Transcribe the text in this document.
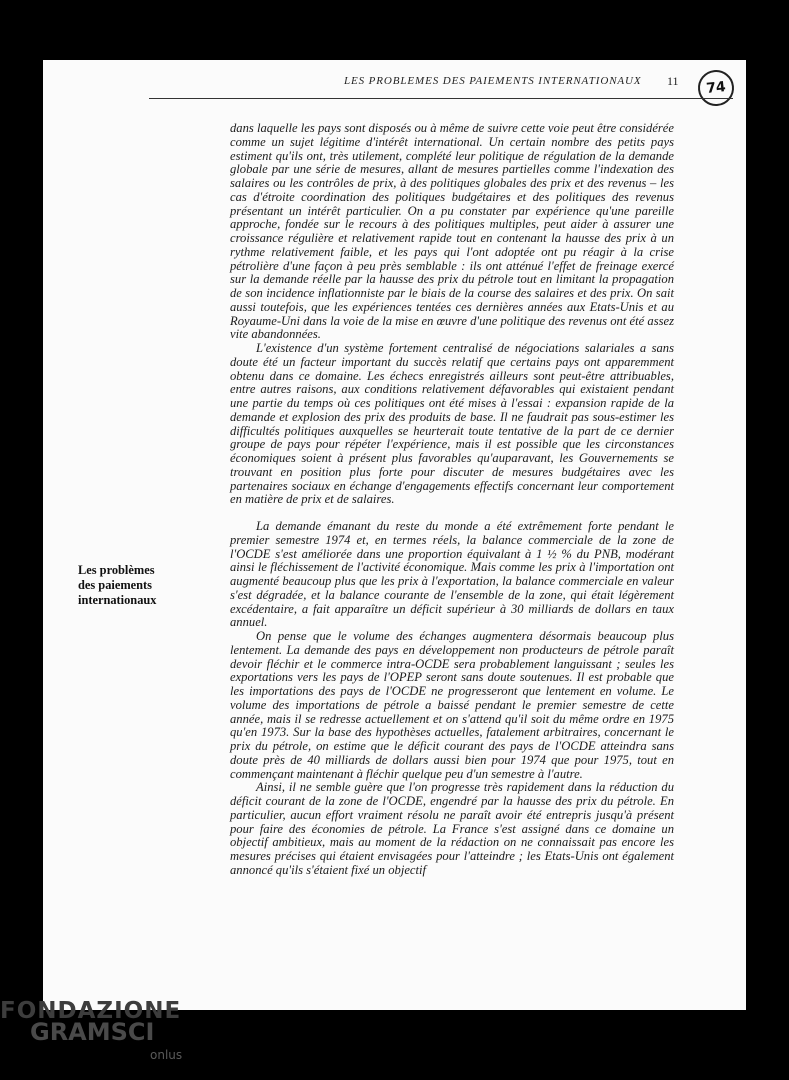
LES PROBLEMES DES PAIEMENTS INTERNATIONAUX 11	74
Les problèmes
des paiements
internationaux

dans laquelle les pays sont disposés ou à même de suivre cette voie peut être considérée comme un sujet légitime d'intérêt international. Un certain nombre des petits pays estiment qu'ils ont, très utilement, complété leur politique de régulation de la demande globale par une série de mesures, allant de mesures partielles comme l'indexation des salaires ou les contrôles de prix, à des politiques globales des prix et des revenus – les cas d'étroite coordination des politiques budgétaires et des politiques des revenus présentant un intérêt particulier. On a pu constater par expérience qu'une pareille approche, fondée sur le recours à des politiques multiples, peut aider à assurer une croissance régulière et relativement rapide tout en contenant la hausse des prix à un rythme relativement faible, et les pays qui l'ont adoptée ont pu réagir à la crise pétrolière d'une façon à peu près semblable : ils ont atténué l'effet de freinage exercé sur la demande réelle par la hausse des prix du pétrole tout en limitant la propagation de son incidence inflationniste par le biais de la course des salaires et des prix. On sait aussi toutefois, que les expériences tentées ces dernières années aux Etats-Unis et au Royaume-Uni dans la voie de la mise en œuvre d'une politique des revenus ont été assez vite abandonnées.

L'existence d'un système fortement centralisé de négociations salariales a sans doute été un facteur important du succès relatif que certains pays ont apparemment obtenu dans ce domaine. Les échecs enregistrés ailleurs sont peut-être attribuables, entre autres raisons, aux conditions relativement défavorables qui existaient pendant une partie du temps où ces politiques ont été mises à l'essai : expansion rapide de la demande et explosion des prix des produits de base. Il ne faudrait pas sous-estimer les difficultés politiques auxquelles se heurterait toute tentative de la part de ce dernier groupe de pays pour répéter l'expérience, mais il est possible que les circonstances économiques soient à présent plus favorables qu'auparavant, les Gouvernements se trouvant en position plus forte pour discuter de mesures budgétaires avec les partenaires sociaux en échange d'engagements effectifs concernant leur comportement en matière de prix et de salaires.

La demande émanant du reste du monde a été extrêmement forte pendant le premier semestre 1974 et, en termes réels, la balance commerciale de la zone de l'OCDE s'est améliorée dans une proportion équivalant à 1 ½ % du PNB, modérant ainsi le fléchissement de l'activité économique. Mais comme les prix à l'importation ont augmenté beaucoup plus que les prix à l'exportation, la balance commerciale en valeur s'est dégradée, et la balance courante de l'ensemble de la zone, qui était légèrement excédentaire, a fait apparaître un déficit supérieur à 30 milliards de dollars en taux annuel.

On pense que le volume des échanges augmentera désormais beaucoup plus lentement. La demande des pays en développement non producteurs de pétrole paraît devoir fléchir et le commerce intra-OCDE sera probablement languissant ; seules les exportations vers les pays de l'OPEP seront sans doute soutenues. Il est probable que les importations des pays de l'OCDE ne progresseront que lentement en volume. Le volume des importations de pétrole a baissé pendant le premier semestre de cette année, mais il se redresse actuellement et on s'attend qu'il soit du même ordre en 1975 qu'en 1973. Sur la base des hypothèses actuelles, fatalement arbitraires, concernant le prix du pétrole, on estime que le déficit courant des pays de l'OCDE atteindra sans doute près de 40 milliards de dollars aussi bien pour 1974 que pour 1975, tout en commençant maintenant à fléchir quelque peu d'un semestre à l'autre.

Ainsi, il ne semble guère que l'on progresse très rapidement dans la réduction du déficit courant de la zone de l'OCDE, engendré par la hausse des prix du pétrole. En particulier, aucun effort vraiment résolu ne paraît avoir été entrepris jusqu'à présent pour faire des économies de pétrole. La France s'est assigné dans ce domaine un objectif ambitieux, mais au moment de la rédaction on ne connaissait pas encore les mesures précises qui étaient envisagées pour l'atteindre ; les Etats-Unis ont également annoncé qu'ils s'étaient fixé un objectif

FONDAZIONE
GRAMSCI
onlus
